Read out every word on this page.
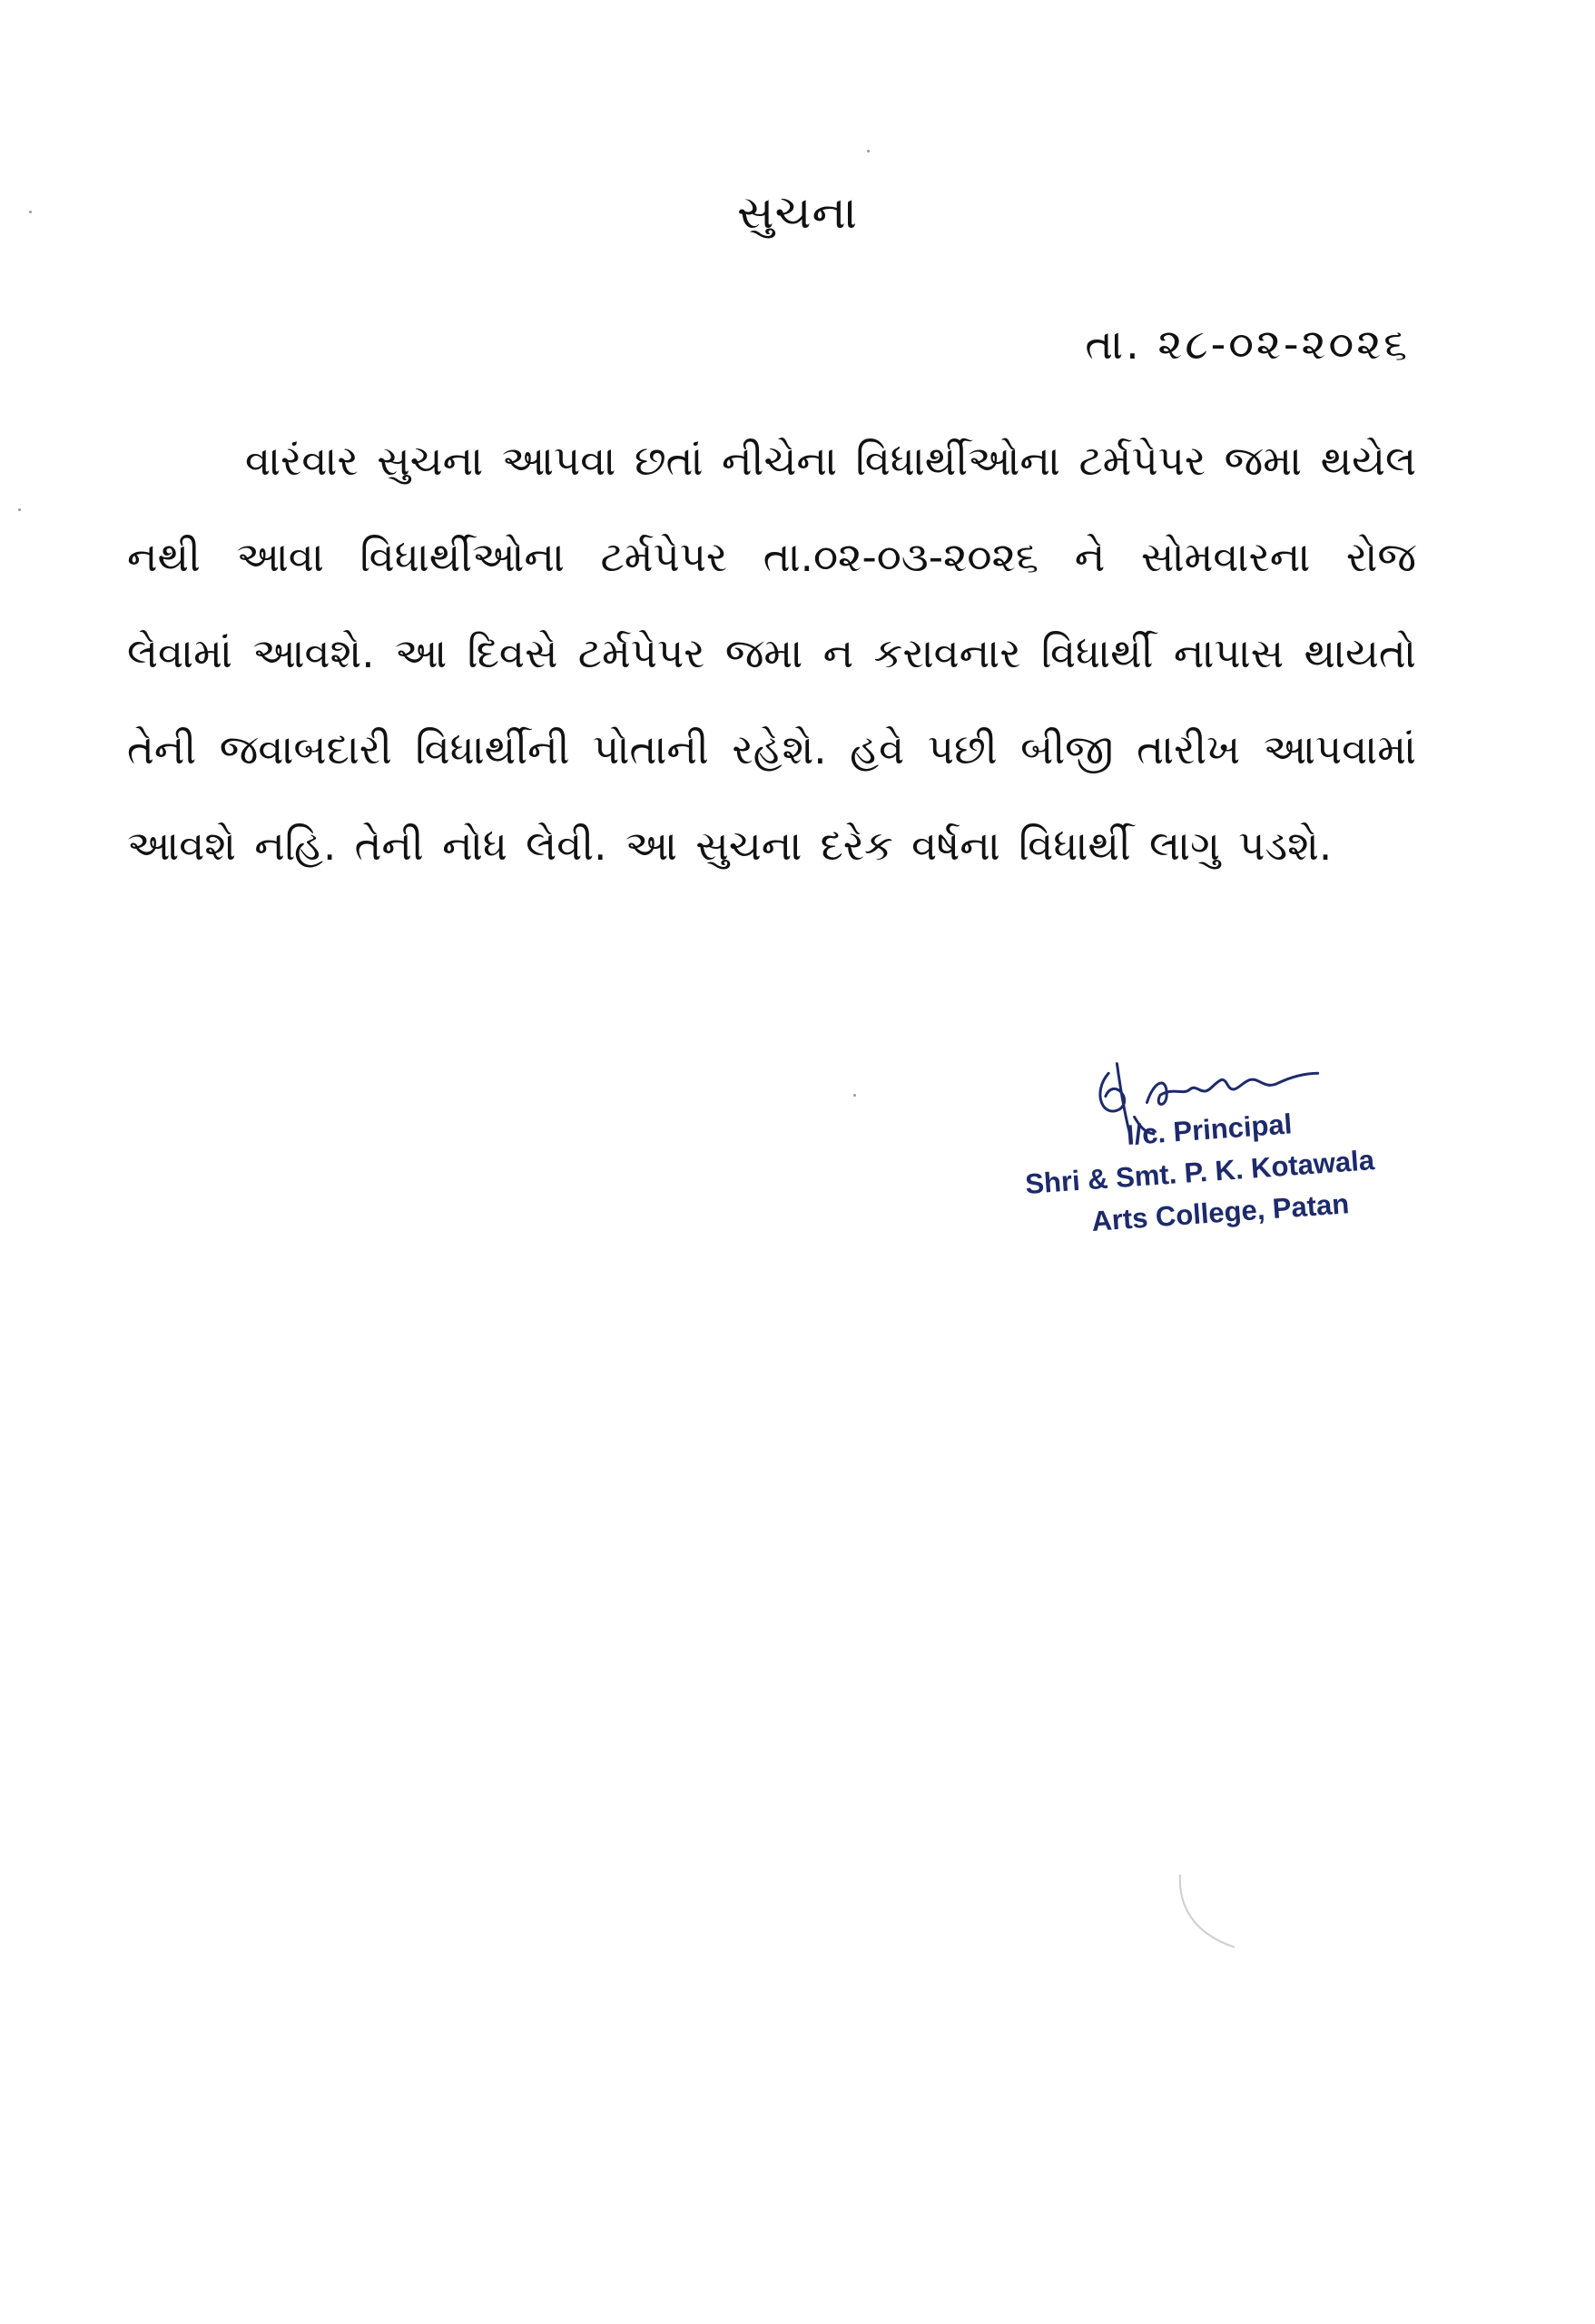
સુચના
તા. ૨૮-૦૨-૨૦૨૬
વારંવાર સુચના આપવા છતાં નીચેના વિધાર્થીઓના ટર્મપેપર જમા થયેલ નથી આવા વિધાર્થીઓના ટર્મપેપર તા.૦૨-૦૩-૨૦૨૬ ને સોમવારના રોજ લેવામાં આવશે. આ દિવસે ટર્મપેપર જમા ન કરાવનાર વિધાર્થી નાપાસ થાયતો તેની જવાબદારી વિધાર્થીની પોતાની રહેશે. હવે પછી બીજી તારીખ આપવામાં આવશે નહિ. તેની નોધ લેવી. આ સુચના દરેક વર્ષના વિધાર્થી લાગુ પડશે.
I/c. Principal
Shri & Smt. P. K. Kotawala
Arts College, Patan
